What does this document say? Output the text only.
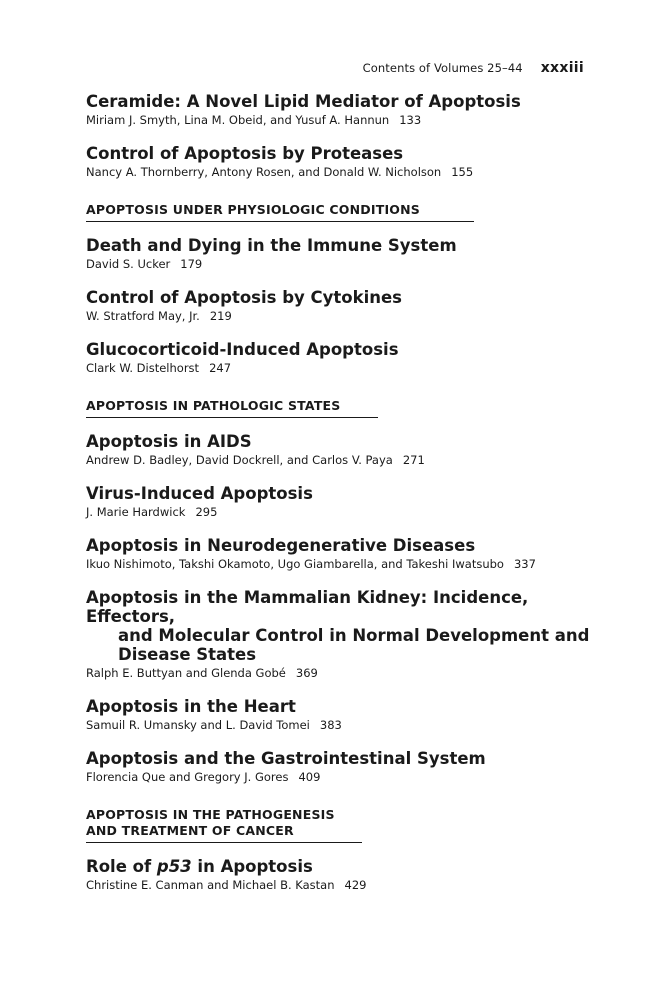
Contents of Volumes 25–44 xxxiii
Ceramide: A Novel Lipid Mediator of Apoptosis
Miriam J. Smyth, Lina M. Obeid, and Yusuf A. Hannun 133
Control of Apoptosis by Proteases
Nancy A. Thornberry, Antony Rosen, and Donald W. Nicholson 155
APOPTOSIS UNDER PHYSIOLOGIC CONDITIONS
Death and Dying in the Immune System
David S. Ucker 179
Control of Apoptosis by Cytokines
W. Stratford May, Jr. 219
Glucocorticoid-Induced Apoptosis
Clark W. Distelhorst 247
APOPTOSIS IN PATHOLOGIC STATES
Apoptosis in AIDS
Andrew D. Badley, David Dockrell, and Carlos V. Paya 271
Virus-Induced Apoptosis
J. Marie Hardwick 295
Apoptosis in Neurodegenerative Diseases
Ikuo Nishimoto, Takshi Okamoto, Ugo Giambarella, and Takeshi Iwatsubo 337
Apoptosis in the Mammalian Kidney: Incidence, Effectors,
and Molecular Control in Normal Development and
Disease States
Ralph E. Buttyan and Glenda Gobé 369
Apoptosis in the Heart
Samuil R. Umansky and L. David Tomei 383
Apoptosis and the Gastrointestinal System
Florencia Que and Gregory J. Gores 409
APOPTOSIS IN THE PATHOGENESIS
AND TREATMENT OF CANCER
Role of p53 in Apoptosis
Christine E. Canman and Michael B. Kastan 429
